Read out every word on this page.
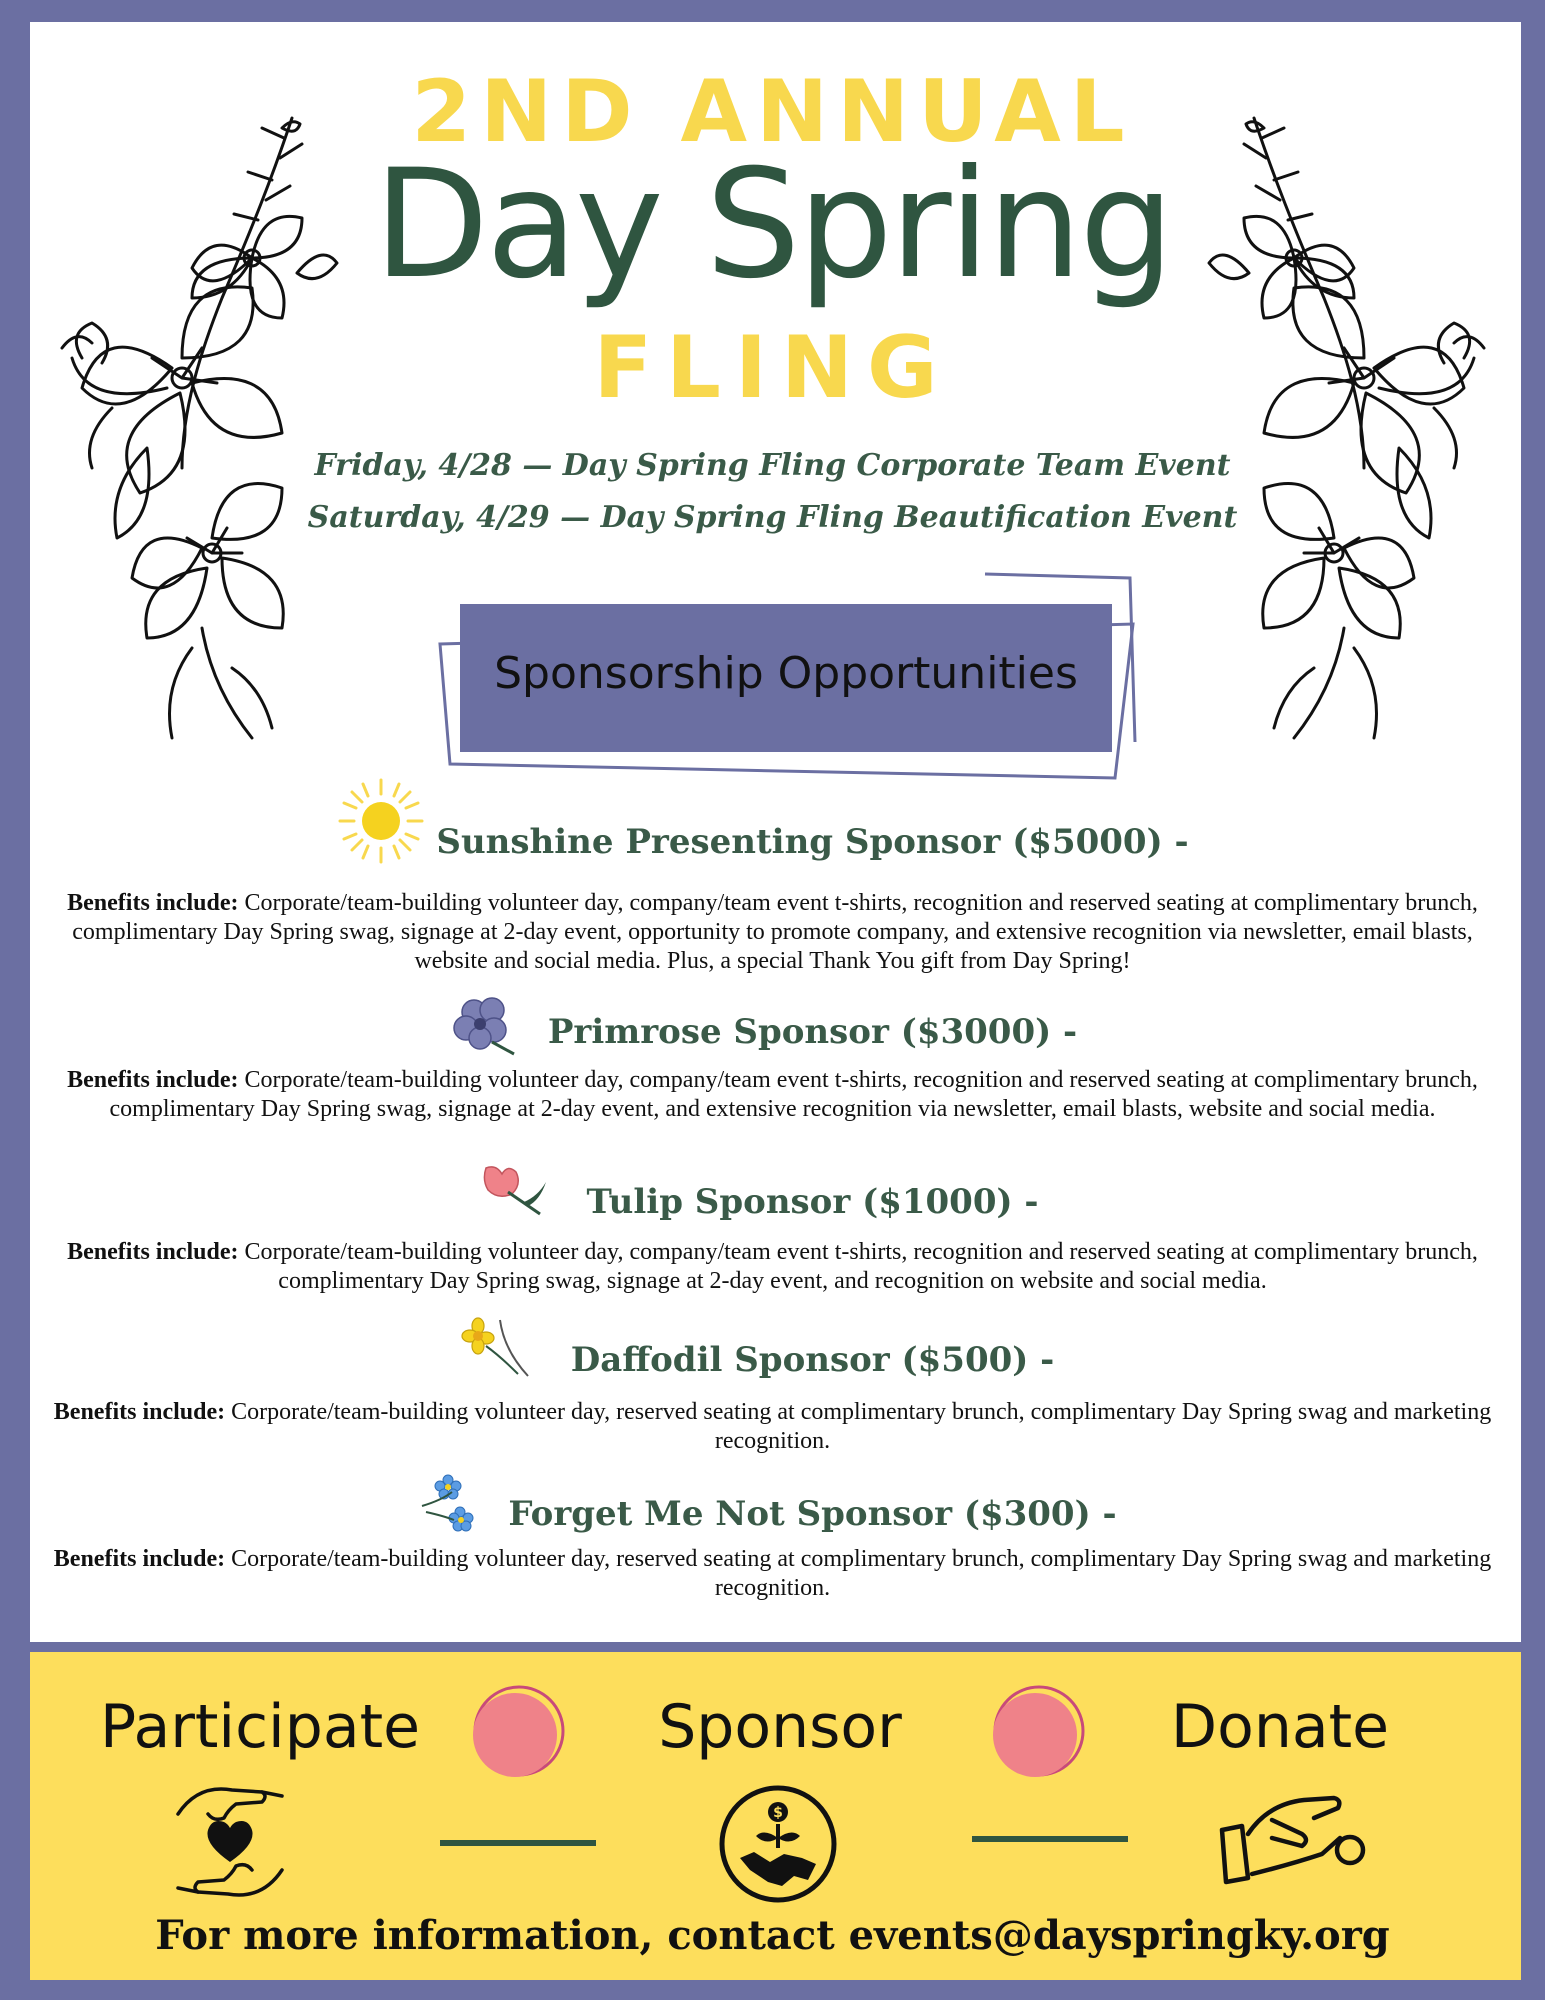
2ND ANNUAL
Day Spring
FLING
Friday, 4/28 — Day Spring Fling Corporate Team Event
Saturday, 4/29 — Day Spring Fling Beautification Event
Sponsorship Opportunities
Sunshine Presenting Sponsor ($5000) -
Benefits include: Corporate/team-building volunteer day, company/team event t-shirts, recognition and reserved seating at complimentary brunch, complimentary Day Spring swag, signage at 2-day event, opportunity to promote company, and extensive recognition via newsletter, email blasts, website and social media. Plus, a special Thank You gift from Day Spring!
Primrose Sponsor ($3000) -
Benefits include: Corporate/team-building volunteer day, company/team event t-shirts, recognition and reserved seating at complimentary brunch, complimentary Day Spring swag, signage at 2-day event, and extensive recognition via newsletter, email blasts, website and social media.
Tulip Sponsor ($1000) -
Benefits include: Corporate/team-building volunteer day, company/team event t-shirts, recognition and reserved seating at complimentary brunch, complimentary Day Spring swag, signage at 2-day event, and recognition on website and social media.
Daffodil Sponsor ($500) -
Benefits include: Corporate/team-building volunteer day, reserved seating at complimentary brunch, complimentary Day Spring swag and marketing recognition.
Forget Me Not Sponsor ($300) -
Benefits include: Corporate/team-building volunteer day, reserved seating at complimentary brunch, complimentary Day Spring swag and marketing recognition.
Participate	Sponsor	Donate
$
For more information, contact events@dayspringky.org
